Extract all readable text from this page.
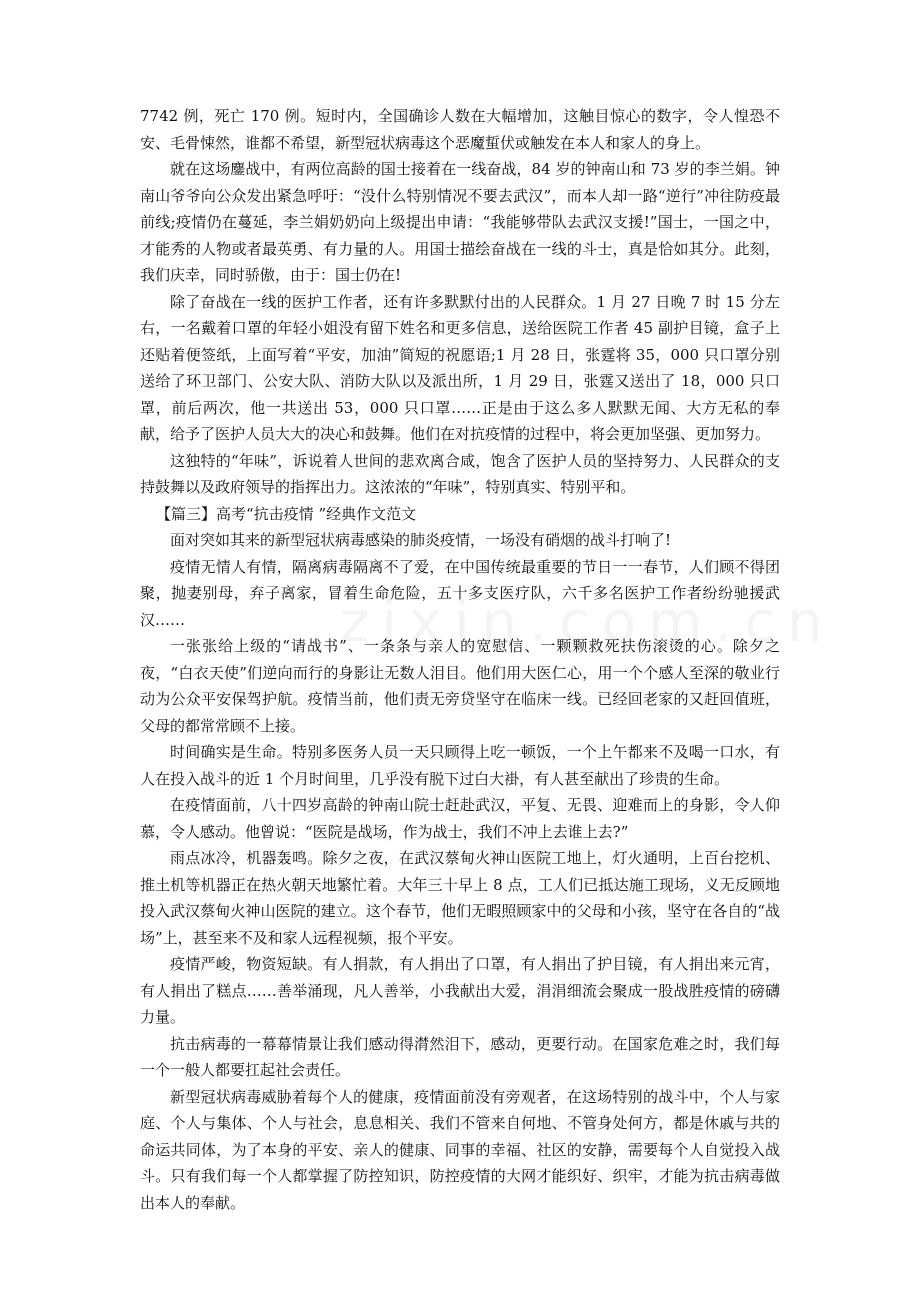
7742 例，死亡 170 例。短时内，全国确诊人数在大幅增加，这触目惊心的数字，令人惶恐不安、毛骨悚然，谁都不希望，新型冠状病毒这个恶魔蜇伏或触发在本人和家人的身上。

就在这场鏖战中，有两位高龄的国士接着在一线奋战，84 岁的钟南山和 73 岁的李兰娟。钟南山爷爷向公众发出紧急呼吁：“没什么特别情况不要去武汉”，而本人却一路“逆行”冲往防疫最前线;疫情仍在蔓延，李兰娟奶奶向上级提出申请：“我能够带队去武汉支援!”国士，一国之中，才能秀的人物或者最英勇、有力量的人。用国士描绘奋战在一线的斗士，真是恰如其分。此刻，我们庆幸，同时骄傲，由于：国士仍在!

除了奋战在一线的医护工作者，还有许多默默付出的人民群众。1 月 27 日晚 7 时 15 分左右，一名戴着口罩的年轻小姐没有留下姓名和更多信息，送给医院工作者 45 副护目镜，盒子上还贴着便签纸，上面写着“平安，加油”简短的祝愿语;1 月 28 日，张霆将 35，000 只口罩分别送给了环卫部门、公安大队、消防大队以及派出所，1 月 29 日，张霆又送出了 18，000 只口罩，前后两次，他一共送出 53，000 只口罩……正是由于这么多人默默无闻、大方无私的奉献，给予了医护人员大大的决心和鼓舞。他们在对抗疫情的过程中，将会更加坚强、更加努力。

这独特的“年味”，诉说着人世间的悲欢离合咸，饱含了医护人员的坚持努力、人民群众的支持鼓舞以及政府领导的指挥出力。这浓浓的“年味”，特别真实、特别平和。

【篇三】高考“抗击疫情 ”经典作文范文

面对突如其来的新型冠状病毒感染的肺炎疫情，一场没有硝烟的战斗打响了!

疫情无情人有情，隔离病毒隔离不了爱，在中国传统最重要的节日一一春节，人们顾不得团聚，抛妻别母，弃子离家，冒着生命危险，五十多支医疗队，六千多名医护工作者纷纷驰援武汉……

一张张给上级的“请战书”、一条条与亲人的宽慰信、一颗颗救死扶伤滚烫的心。除夕之夜，“白衣天使”们逆向而行的身影让无数人泪目。他们用大医仁心，用一个个感人至深的敬业行动为公众平安保驾护航。疫情当前，他们责无旁贷坚守在临床一线。已经回老家的又赶回值班，父母的都常常顾不上接。

时间确实是生命。特别多医务人员一天只顾得上吃一顿饭，一个上午都来不及喝一口水，有人在投入战斗的近 1 个月时间里，几乎没有脱下过白大褂，有人甚至献出了珍贵的生命。

在疫情面前，八十四岁高龄的钟南山院士赶赴武汉，平复、无畏、迎难而上的身影，令人仰慕，令人感动。他曾说：“医院是战场，作为战士，我们不冲上去谁上去?”

雨点冰冷，机器轰鸣。除夕之夜，在武汉蔡甸火神山医院工地上，灯火通明，上百台挖机、推土机等机器正在热火朝天地繁忙着。大年三十早上 8 点，工人们已抵达施工现场，义无反顾地投入武汉蔡甸火神山医院的建立。这个春节，他们无暇照顾家中的父母和小孩，坚守在各自的“战场”上，甚至来不及和家人远程视频，报个平安。

疫情严峻，物资短缺。有人捐款，有人捐出了口罩，有人捐出了护目镜，有人捐出来元宵，有人捐出了糕点……善举涌现，凡人善举，小我献出大爱，涓涓细流会聚成一股战胜疫情的磅礴力量。

抗击病毒的一幕幕情景让我们感动得潸然泪下，感动，更要行动。在国家危难之时，我们每一个一般人都要扛起社会责任。

新型冠状病毒威胁着每个人的健康，疫情面前没有旁观者，在这场特别的战斗中，个人与家庭、个人与集体、个人与社会，息息相关、我们不管来自何地、不管身处何方，都是休戚与共的命运共同体，为了本身的平安、亲人的健康、同事的幸福、社区的安静，需要每个人自觉投入战斗。只有我们每一个人都掌握了防控知识，防控疫情的大网才能织好、织牢，才能为抗击病毒做出本人的奉献。
